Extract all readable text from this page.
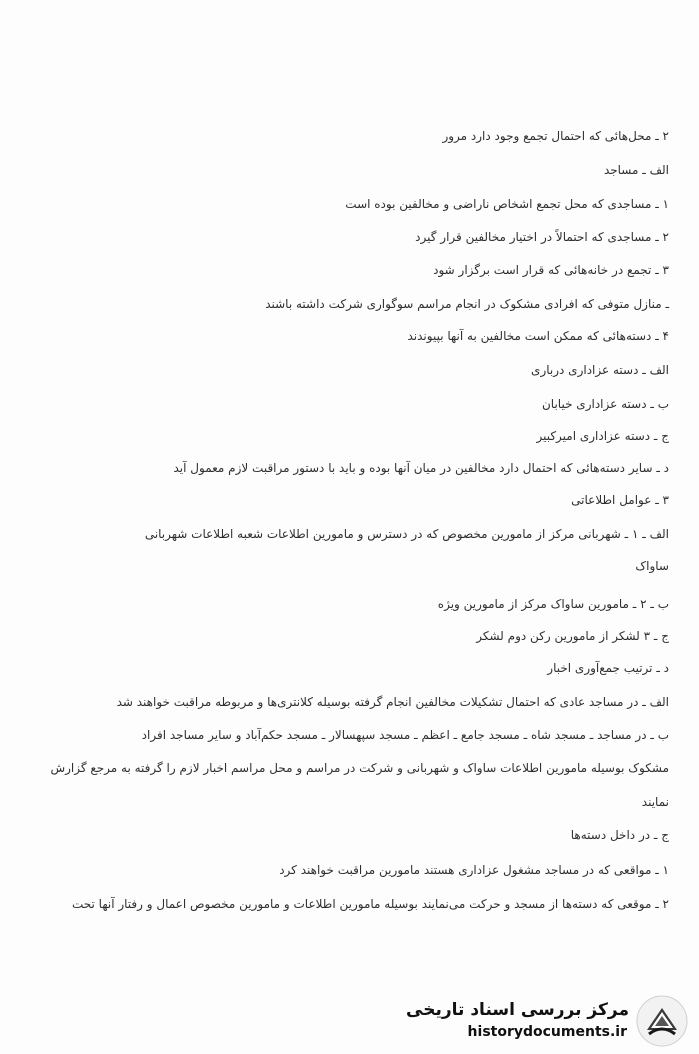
۲ ـ محل‌هائی که احتمال تجمع وجود دارد مرور
الف ـ مساجد
۱ ـ مساجدی که محل تجمع اشخاص ناراضی و مخالفین بوده است
۲ ـ مساجدی که احتمالاً در اختیار مخالفین قرار گیرد
۳ ـ تجمع در خانه‌هائی که قرار است برگزار شود
ـ منازل متوفی که افرادی مشکوک در انجام مراسم سوگواری شرکت داشته باشند
۴ ـ دسته‌هائی که ممکن است مخالفین به آنها بپیوندند
الف ـ دسته عزاداری درباری
ب ـ دسته عزاداری خیابان
ج ـ دسته عزاداری امیرکبیر
د ـ سایر دسته‌هائی که احتمال دارد مخالفین در میان آنها بوده و باید با دستور مراقبت لازم معمول آید
۳ ـ عوامل اطلاعاتی
الف ـ ۱ ـ شهربانی مرکز از مامورین مخصوص که در دسترس و مامورین اطلاعات شعبه اطلاعات شهربانی
ساواک
ب ـ ۲ ـ مامورین ساواک مرکز از مامورین ویژه
ج ـ ۳ لشکر از مامورین رکن دوم لشکر
د ـ ترتیب جمع‌آوری اخبار
الف ـ در مساجد عادی که احتمال تشکیلات مخالفین انجام گرفته بوسیله کلانتری‌ها و مربوطه مراقبت خواهند شد
ب ـ در مساجد ـ مسجد شاه ـ مسجد جامع ـ اعظم ـ مسجد سپهسالار ـ مسجد حکم‌آباد و سایر مساجد افراد
مشکوک بوسیله مامورین اطلاعات ساواک و شهربانی و شرکت در مراسم و محل مراسم اخبار لازم را گرفته به مرجع گزارش
نمایند
ج ـ در داخل دسته‌ها
۱ ـ مواقعی که در مساجد مشغول عزاداری هستند مامورین مراقبت خواهند کرد
۲ ـ موقعی که دسته‌ها از مسجد و حرکت می‌نمایند بوسیله مامورین اطلاعات و مامورین مخصوص اعمال و رفتار آنها تحت
مرکز بررسی اسناد تاریخی
historydocuments.ir
